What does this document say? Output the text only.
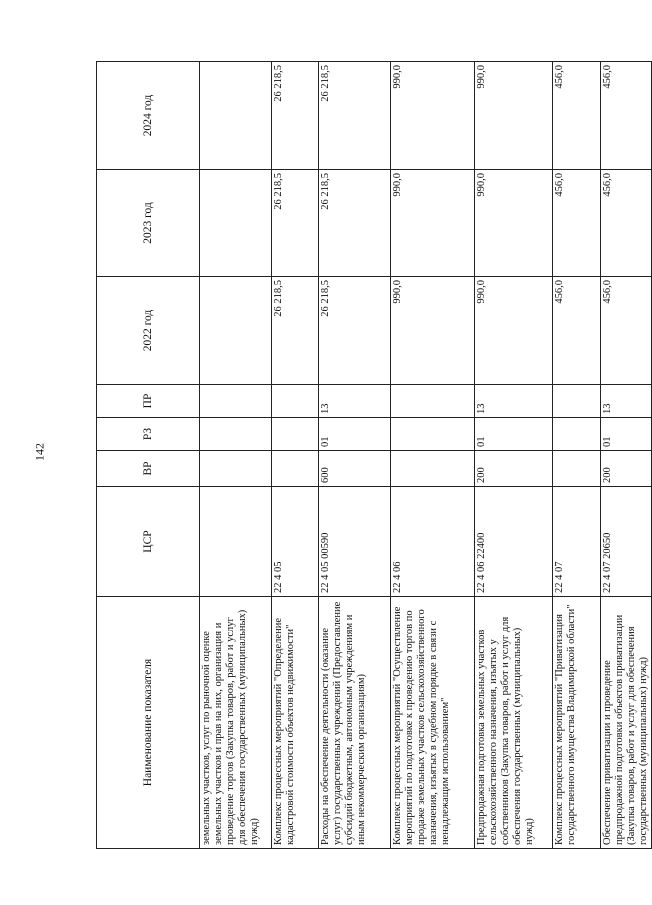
142
Наименование показателя	ЦСР	ВР	РЗ	ПР	2022 год	2023 год	2024 год
земельных участков, услуг по рыночной оценке земельных участков и прав на них, организация и проведение торгов (Закупка товаров, работ и услуг для обеспечения государственных (муниципальных) нужд)							
Комплекс процессных мероприятий "Определение кадастровой стоимости объектов недвижимости"	22 4 05				26 218,5	26 218,5	26 218,5
Расходы на обеспечение деятельности (оказание услуг) государственных учреждений (Предоставление субсидий бюджетным, автономным учреждениям и иным некоммерческим организациям)	22 4 05 00590	600	01	13	26 218,5	26 218,5	26 218,5
Комплекс процессных мероприятий "Осуществление мероприятий по подготовке к проведению торгов по продаже земельных участков сельскохозяйственного назначения, изъятых в судебном порядке в связи с ненадлежащим использованием"	22 4 06				990,0	990,0	990,0
Предпродажная подготовка земельных участков сельскохозяйственного назначения, изъятых у собственников (Закупка товаров, работ и услуг для обеспечения государственных (муниципальных) нужд)	22 4 06 22400	200	01	13	990,0	990,0	990,0
Комплекс процессных мероприятий "Приватизация государственного имущества Владимирской области"	22 4 07				456,0	456,0	456,0
Обеспечение приватизации и проведение предпродажной подготовки объектов приватизации (Закупка товаров, работ и услуг для обеспечения государственных (муниципальных) нужд)	22 4 07 20650	200	01	13	456,0	456,0	456,0
